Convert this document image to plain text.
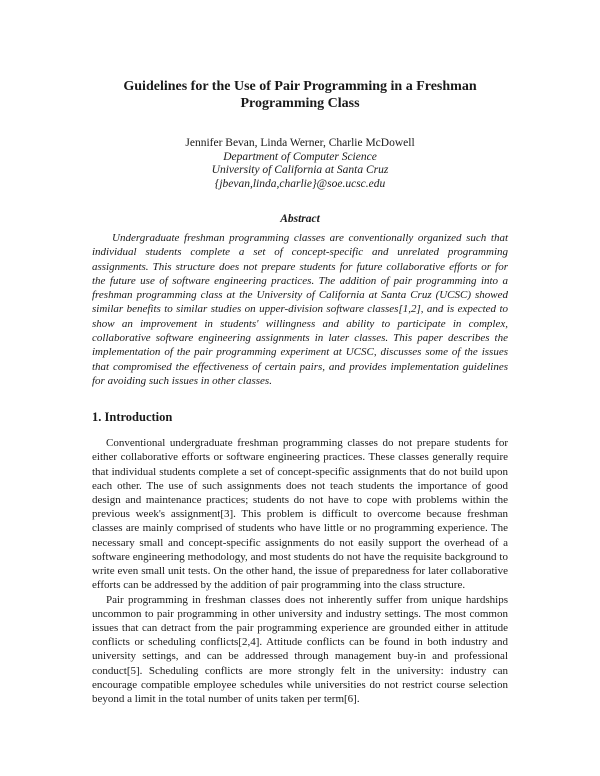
Guidelines for the Use of Pair Programming in a Freshman Programming Class
Jennifer Bevan, Linda Werner, Charlie McDowell
Department of Computer Science
University of California at Santa Cruz
{jbevan,linda,charlie}@soe.ucsc.edu
Abstract

Undergraduate freshman programming classes are conventionally organized such that individual students complete a set of concept-specific and unrelated programming assignments. This structure does not prepare students for future collaborative efforts or for the future use of software engineering practices. The addition of pair programming into a freshman programming class at the University of California at Santa Cruz (UCSC) showed similar benefits to similar studies on upper-division software classes[1,2], and is expected to show an improvement in students' willingness and ability to participate in complex, collaborative software engineering assignments in later classes. This paper describes the implementation of the pair programming experiment at UCSC, discusses some of the issues that compromised the effectiveness of certain pairs, and provides implementation guidelines for avoiding such issues in other classes.

1. Introduction

Conventional undergraduate freshman programming classes do not prepare students for either collaborative efforts or software engineering practices. These classes generally require that individual students complete a set of concept-specific assignments that do not build upon each other. The use of such assignments does not teach students the importance of good design and maintenance practices; students do not have to cope with problems within the previous week's assignment[3]. This problem is difficult to overcome because freshman classes are mainly comprised of students who have little or no programming experience. The necessary small and concept-specific assignments do not easily support the overhead of a software engineering methodology, and most students do not have the requisite background to write even small unit tests. On the other hand, the issue of preparedness for later collaborative efforts can be addressed by the addition of pair programming into the class structure.

Pair programming in freshman classes does not inherently suffer from unique hardships uncommon to pair programming in other university and industry settings. The most common issues that can detract from the pair programming experience are grounded either in attitude conflicts or scheduling conflicts[2,4]. Attitude conflicts can be found in both industry and university settings, and can be addressed through management buy-in and professional conduct[5]. Scheduling conflicts are more strongly felt in the university: industry can encourage compatible employee schedules while universities do not restrict course selection beyond a limit in the total number of units taken per term[6].
